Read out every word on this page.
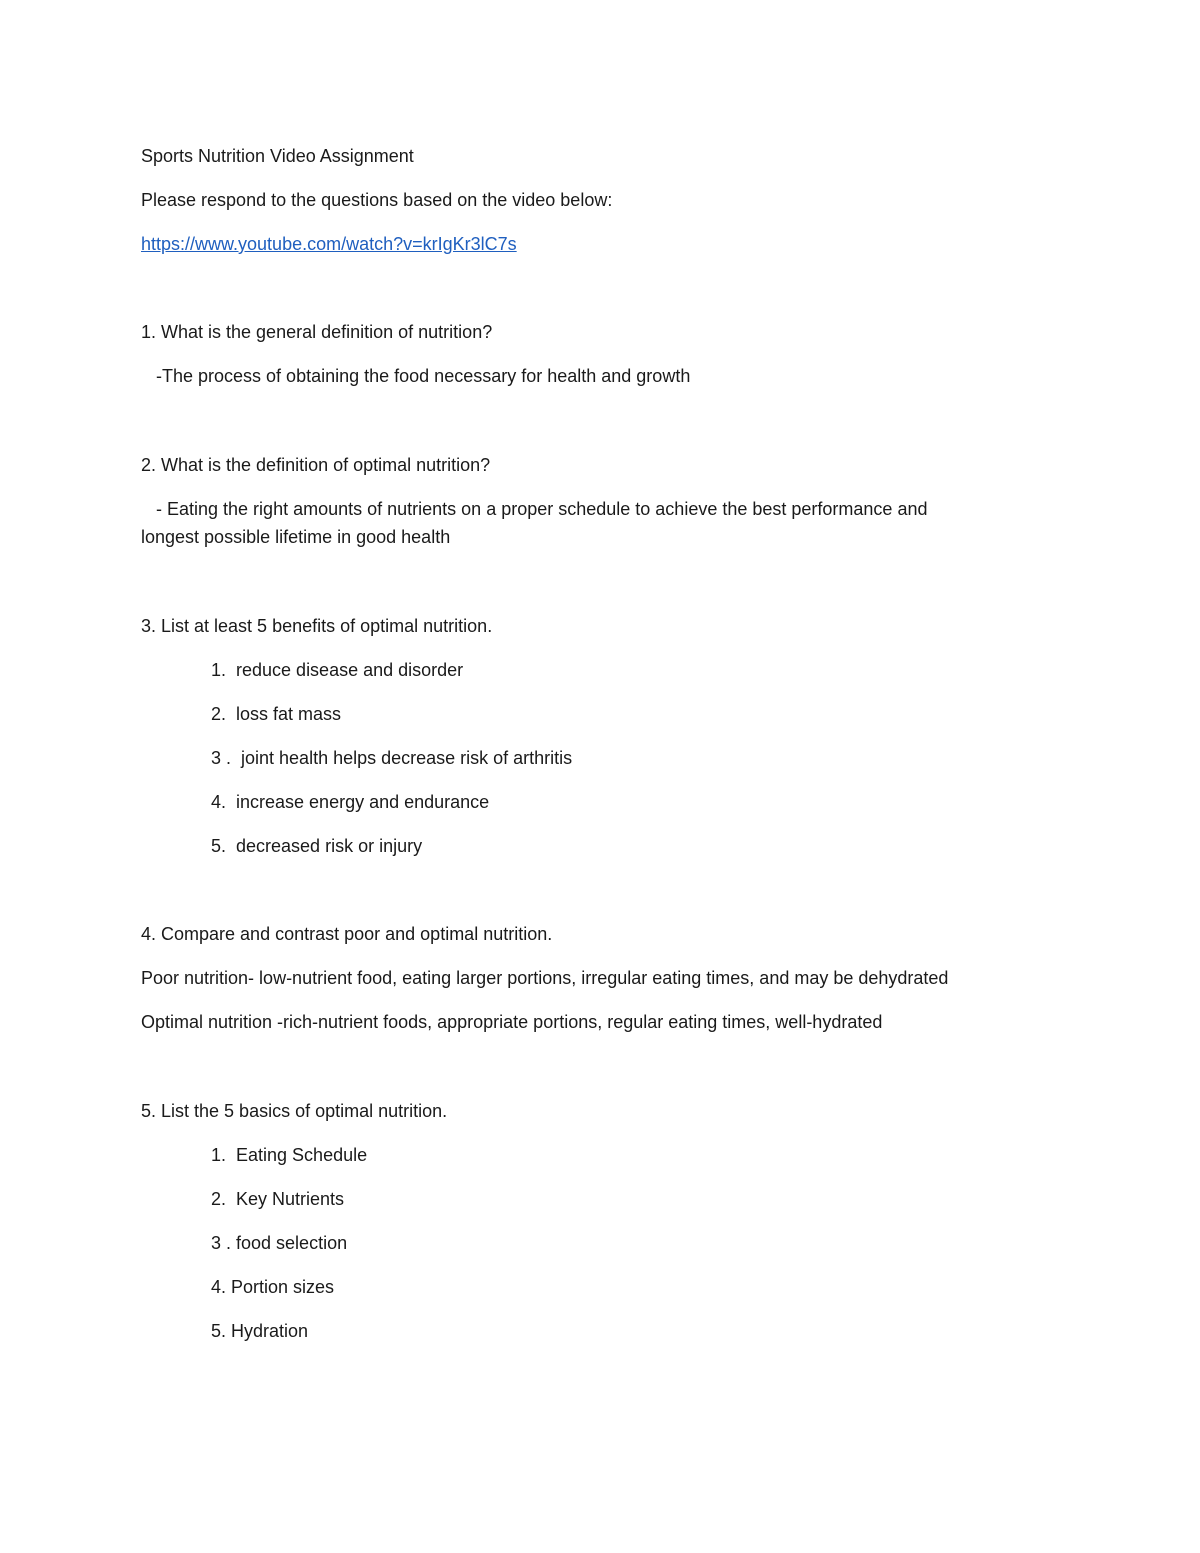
Sports Nutrition Video Assignment
Please respond to the questions based on the video below:
https://www.youtube.com/watch?v=krIgKr3lC7s
1. What is the general definition of nutrition?
-The process of obtaining the food necessary for health and growth
2. What is the definition of optimal nutrition?
- Eating the right amounts of nutrients on a proper schedule to achieve the best performance and
longest possible lifetime in good health
3. List at least 5 benefits of optimal nutrition.
1.  reduce disease and disorder
2.  loss fat mass
3 .  joint health helps decrease risk of arthritis
4.  increase energy and endurance
5.  decreased risk or injury
4. Compare and contrast poor and optimal nutrition.
Poor nutrition- low-nutrient food, eating larger portions, irregular eating times, and may be dehydrated
Optimal nutrition -rich-nutrient foods, appropriate portions, regular eating times, well-hydrated
5. List the 5 basics of optimal nutrition.
1.  Eating Schedule
2.  Key Nutrients
3 . food selection
4. Portion sizes
5. Hydration
